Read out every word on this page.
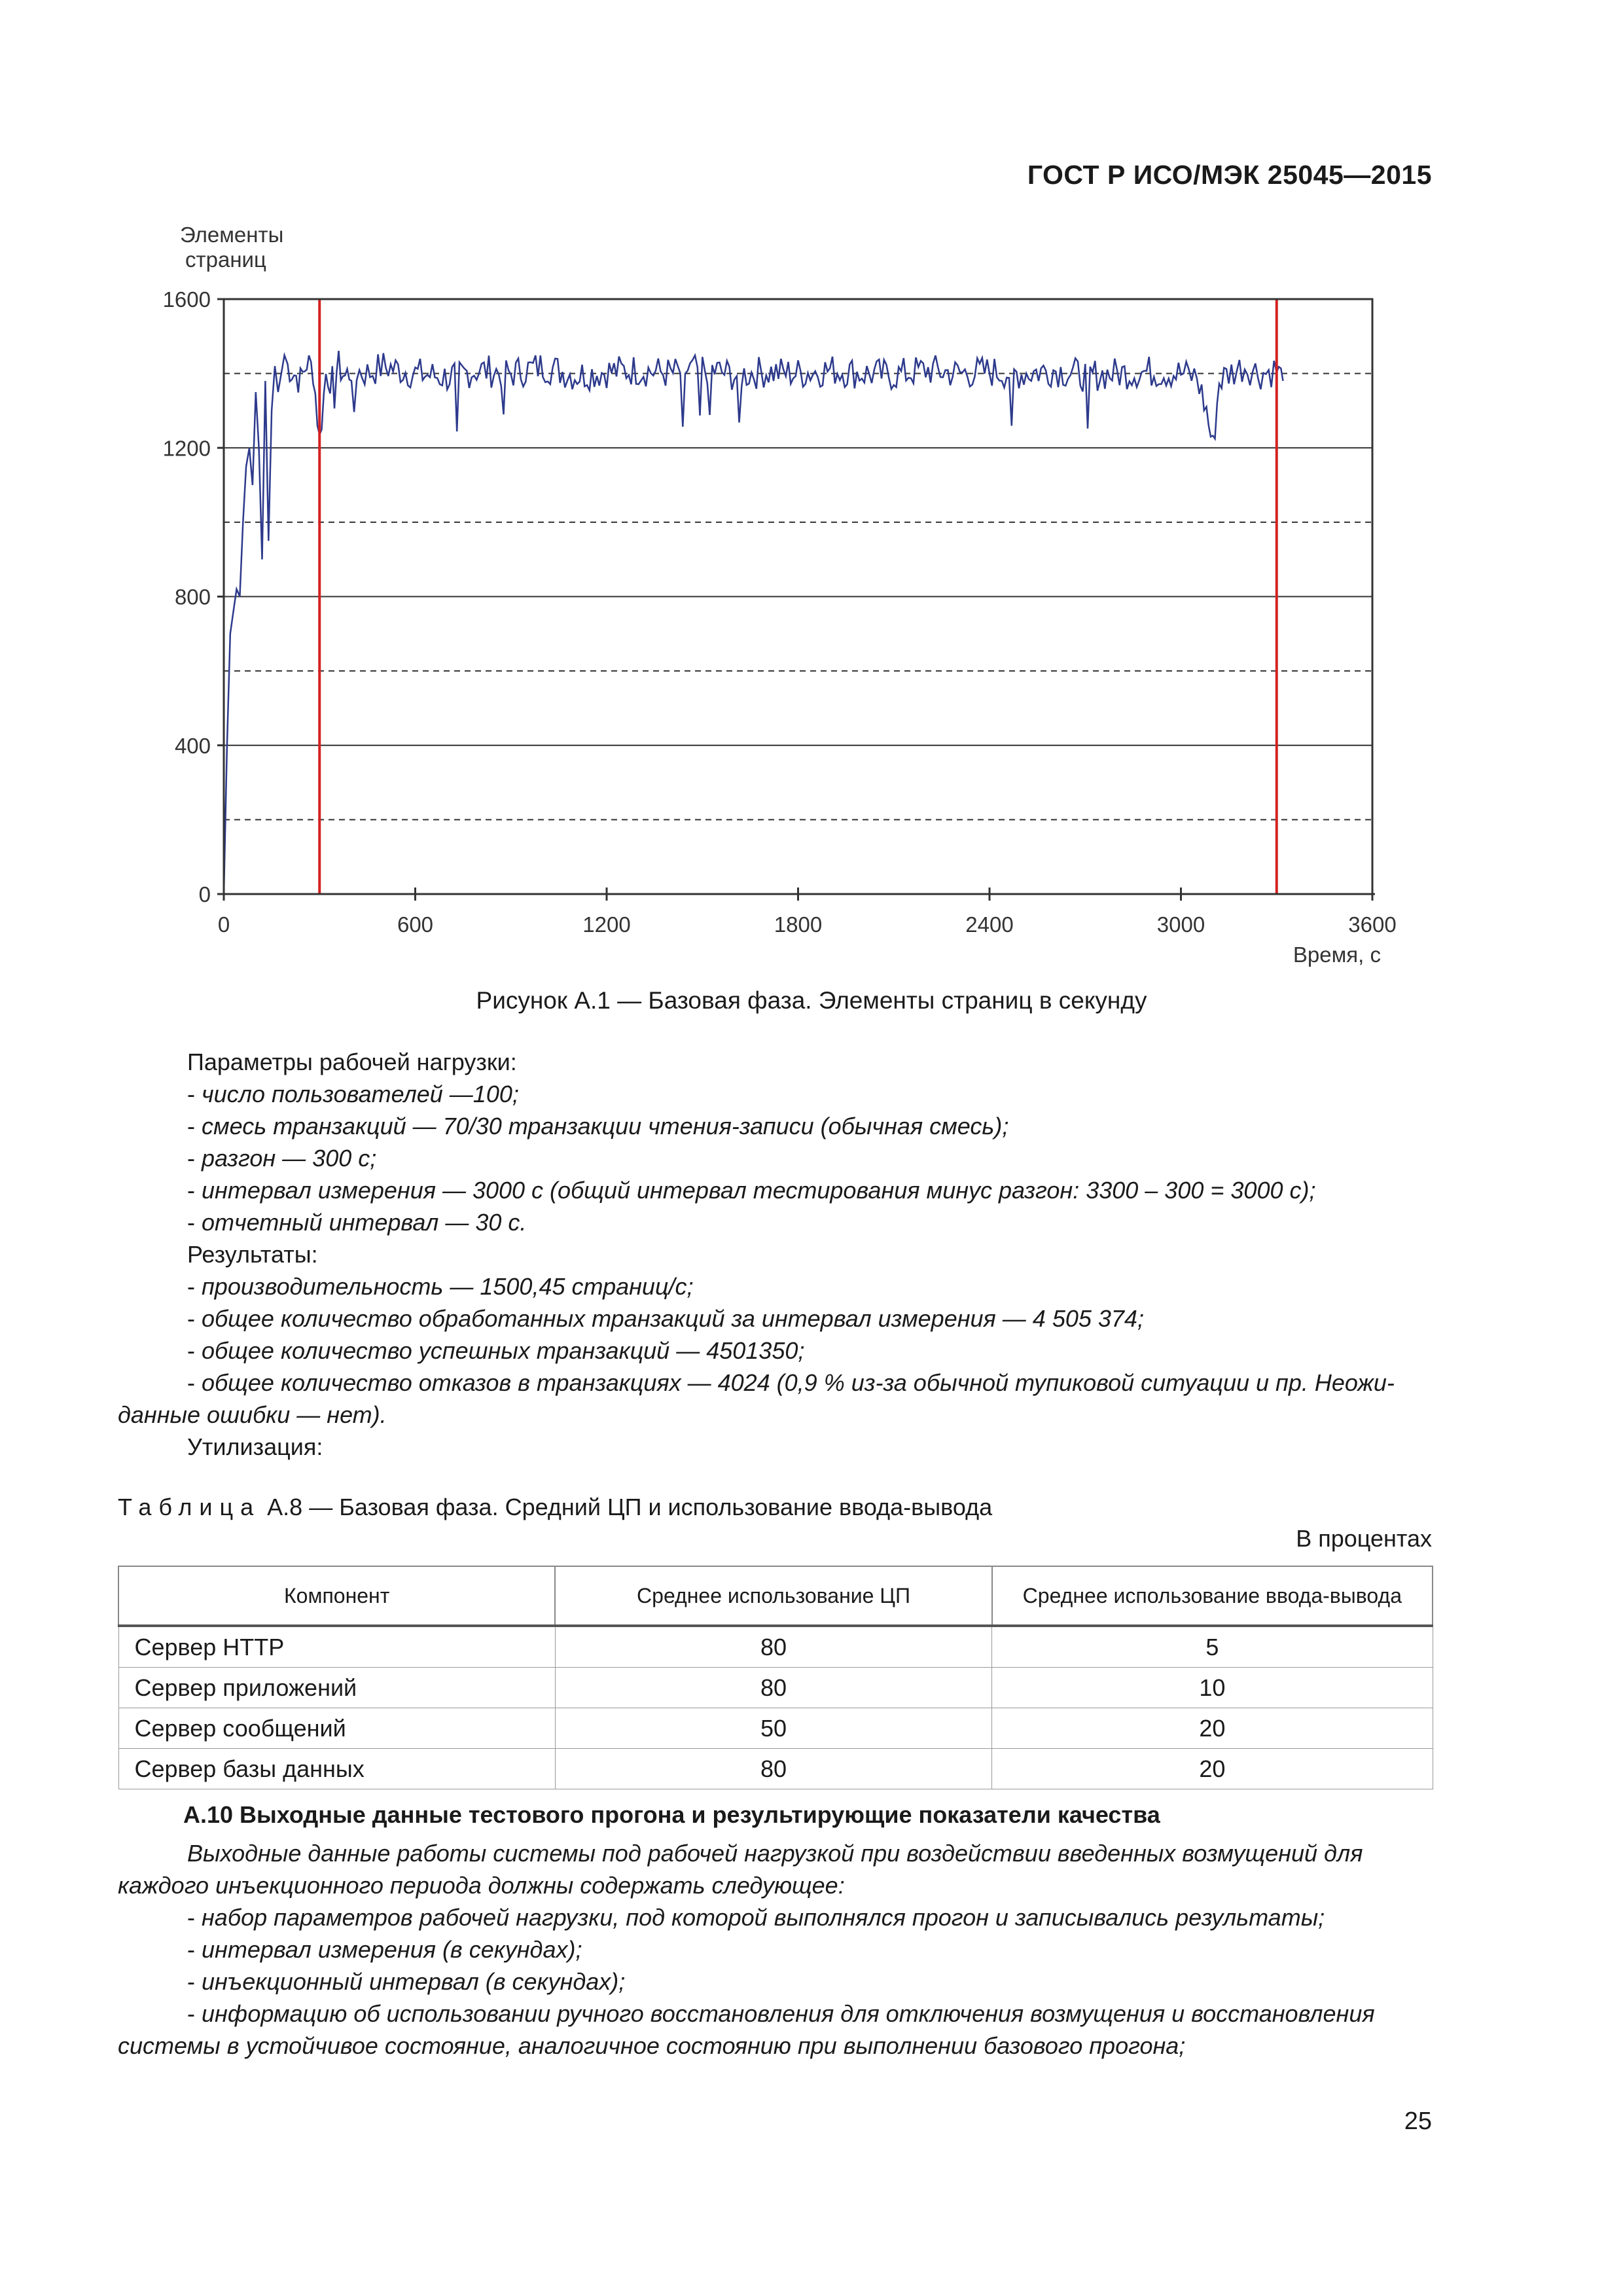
ГОСТ Р ИСО/МЭК 25045—2015
Элементы
страниц
0	600	1200	1800	2400	3000	3600
0
400
800
1200
1600
Время, с
Рисунок А.1 — Базовая фаза. Элементы страниц в секунду

Параметры рабочей нагрузки:

- число пользователей —100;

- смесь транзакций — 70/30 транзакции чтения-записи (обычная смесь);

- разгон — 300 с;

- интервал измерения — 3000 с (общий интервал тестирования минус разгон: 3300 – 300 = 3000 с);

- отчетный интервал — 30 с.

Результаты:

- производительность — 1500,45 страниц/с;

- общее количество обработанных транзакций за интервал измерения — 4 505 374;

- общее количество успешных транзакций — 4501350;

- общее количество отказов в транзакциях — 4024 (0,9 % из-за обычной тупиковой ситуации и пр. Неожи-

данные ошибки — нет).

Утилизация:

Таблица А.8 — Базовая фаза. Средний ЦП и использование ввода-вывода
В процентах
Компонент	Среднее использование ЦП	Среднее использование ввода-вывода
Сервер HTTP	80	5
Сервер приложений	80	10
Сервер сообщений	50	20
Сервер базы данных	80	20
А.10 Выходные данные тестового прогона и результирующие показатели качества

Выходные данные работы системы под рабочей нагрузкой при воздействии введенных возмущений для

каждого инъекционного периода должны содержать следующее:

- набор параметров рабочей нагрузки, под которой выполнялся прогон и записывались результаты;

- интервал измерения (в секундах);

- инъекционный интервал (в секундах);

- информацию об использовании ручного восстановления для отключения возмущения и восстановления

системы в устойчивое состояние, аналогичное состоянию при выполнении базового прогона;

25
